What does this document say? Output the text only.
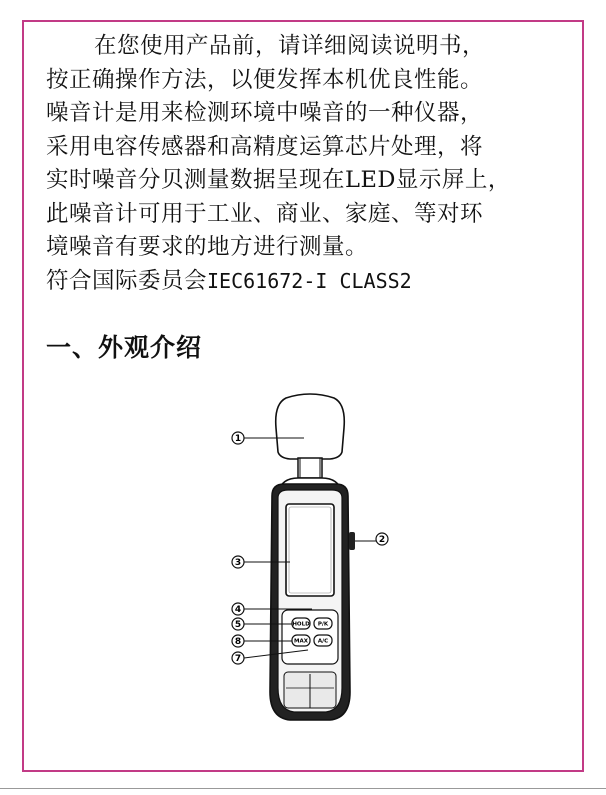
在您使用产品前，请详细阅读说明书，

按正确操作方法，以便发挥本机优良性能。

噪音计是用来检测环境中噪音的一种仪器，

采用电容传感器和高精度运算芯片处理，将

实时噪音分贝测量数据呈现在LED显示屏上，

此噪音计可用于工业、商业、家庭、等对环

境噪音有要求的地方进行测量。

符合国际委员会IEC61672-I CLASS2

一、外观介绍
HOLD P/K
MAX A/C
1
2
3
4
5
8
7
